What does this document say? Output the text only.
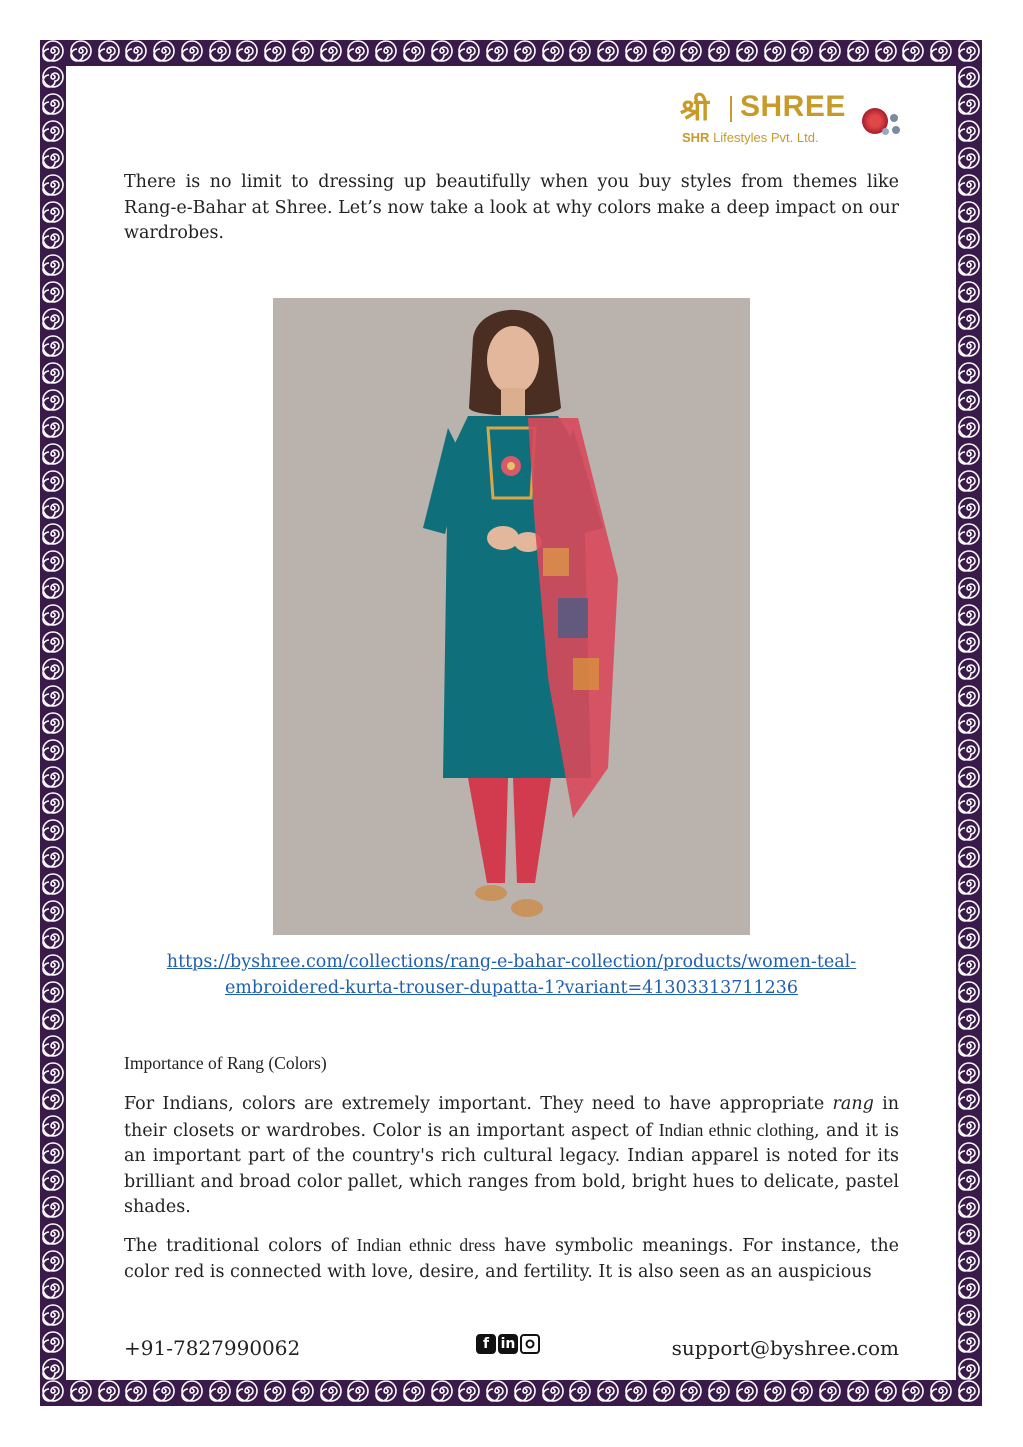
श्री SHREE
SHR Lifestyles Pvt. Ltd.

There is no limit to dressing up beautifully when you buy styles from themes like Rang-e-Bahar at Shree. Let’s now take a look at why colors make a deep impact on our wardrobes.

https://byshree.com/collections/rang-e-bahar-collection/products/women-teal-
embroidered-kurta-trouser-dupatta-1?variant=41303313711236
Importance of Rang (Colors)

For Indians, colors are extremely important. They need to have appropriate rang in their closets or wardrobes. Color is an important aspect of Indian ethnic clothing, and it is an important part of the country's rich cultural legacy. Indian apparel is noted for its brilliant and broad color pallet, which ranges from bold, bright hues to delicate, pastel shades.

The traditional colors of Indian ethnic dress have symbolic meanings. For instance, the color red is connected with love, desire, and fertility. It is also seen as an auspicious

+91-7827990062	f in	support@byshree.com
